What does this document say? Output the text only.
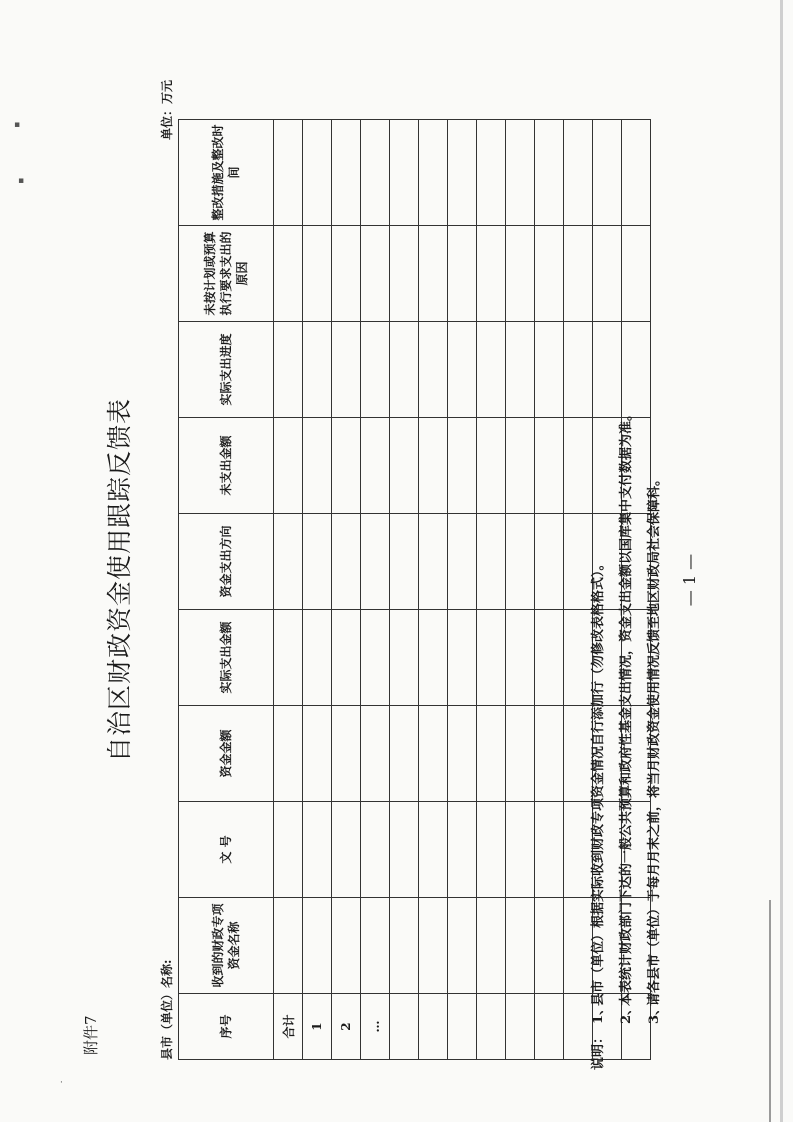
▪
▪
·
附件7
自治区财政资金使用跟踪反馈表
县市（单位）名称:
单位：万元
序号	收到的财政专项资金名称	文 号	资金金额	实际支出金额	资金支出方向	未支出金额	实际支出进度	未按计划或预算执行要求支出的原因	整改措施及整改时间
合计									
1									
2									
…									

说明：1、县市（单位）根据实际收到财政专项资金情况自行添加行（勿修改表格格式）。
2、本表统计财政部门下达的一般公共预算和政府性基金支出情况，资金支出金额以国库集中支付数据为准。
3、请各县市（单位）于每月月末之前，将当月财政资金使用情况反馈至地区财政局社会保障科。	— 1 —
